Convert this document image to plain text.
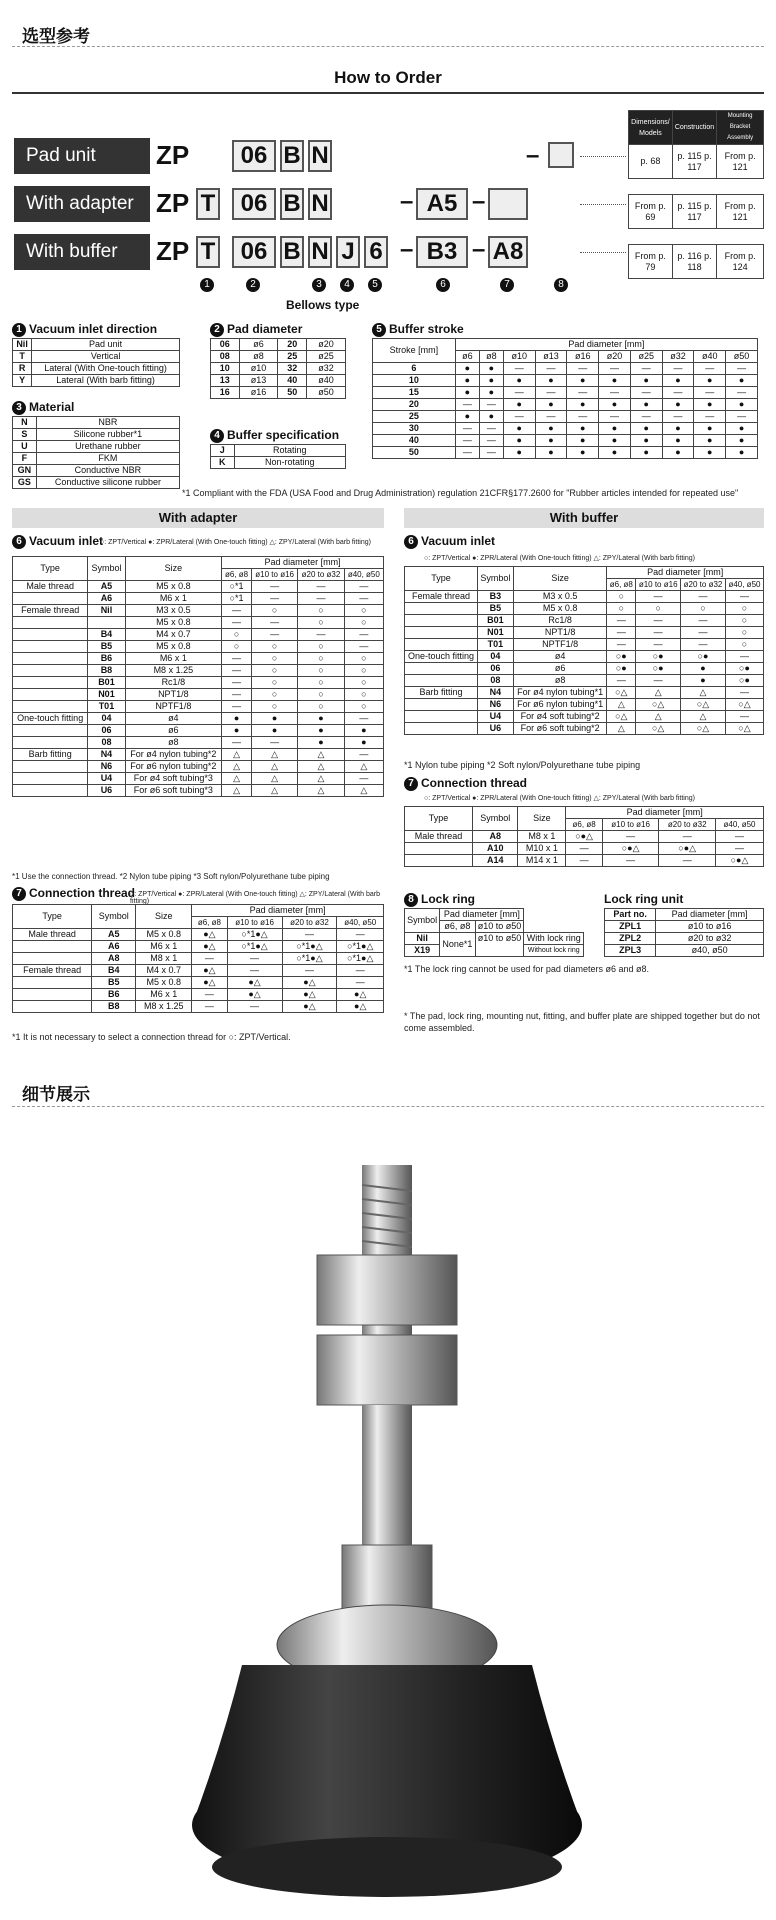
选型参考
How to Order
Dimensions/ Models	Construction	Mounting Bracket Assembly
p. 68	p. 115 p. 117	From p. 121

From p. 69	p. 115 p. 117	From p. 121

From p. 79	p. 116 p. 118	From p. 124
Pad unit	ZP	06 B N	–
With adapter ZP T	06 B N	– A5 –
With buffer	ZP T	06 B N J 6 – B3 – A8
1	2	3	4	5	6	7	8
Bellows type
1 Vacuum inlet direction
Nil	Pad unit
T	Vertical
R	Lateral (With One-touch fitting)
Y	Lateral (With barb fitting)
3 Material
N	NBR
S	Silicone rubber*1
U	Urethane rubber
F	FKM
GN	Conductive NBR
GS	Conductive silicone rubber
2 Pad diameter
06	ø6	20	ø20
08	ø8	25	ø25
10	ø10	32	ø32
13	ø13	40	ø40
16	ø16	50	ø50
4 Buffer specification
J	Rotating
K	Non-rotating
5 Buffer stroke
Stroke [mm]	Pad diameter [mm]									
	ø6	ø8	ø10	ø13	ø16	ø20	ø25	ø32	ø40	ø50
6	●	●	—	—	—	—	—	—	—	—
10	●	●	●	●	●	●	●	●	●	●
15	●	●	—	—	—	—	—	—	—	—
20	—	—	●	●	●	●	●	●	●	●
25	●	●	—	—	—	—	—	—	—	—
30	—	—	●	●	●	●	●	●	●	●
40	—	—	●	●	●	●	●	●	●	●
50	—	—	●	●	●	●	●	●	●	●
*1 Compliant with the FDA (USA Food and Drug Administration) regulation 21CFR§177.2600 for "Rubber articles intended for repeated use"
With adapter	With buffer
6 Vacuum inlet
○: ZPT/Vertical ●: ZPR/Lateral (With One-touch fitting) △: ZPY/Lateral (With barb fitting)
Type	Symbol	Size	Pad diameter [mm]			
			ø6, ø8	ø10 to ø16	ø20 to ø32	ø40, ø50
Male thread	A5	M5 x 0.8	○*1	—	—	—
	A6	M6 x 1	○*1	—	—	—
Female thread	Nil	M3 x 0.5	—	○	○	○
		M5 x 0.8	—	—	○	○
	B4	M4 x 0.7	○	—	—	—
	B5	M5 x 0.8	○	○	○	—
	B6	M6 x 1	—	○	○	○
	B8	M8 x 1.25	—	○	○	○
	B01	Rc1/8	—	○	○	○
	N01	NPT1/8	—	○	○	○
	T01	NPTF1/8	—	○	○	○
One-touch fitting	04	ø4	●	●	●	—
	06	ø6	●	●	●	●
	08	ø8	—	—	●	●
Barb fitting	N4	For ø4 nylon tubing*2	△	△	△	—
	N6	For ø6 nylon tubing*2	△	△	△	△
	U4	For ø4 soft tubing*3	△	△	△	—
	U6	For ø6 soft tubing*3	△	△	△	△
*1 Use the connection thread. *2 Nylon tube piping *3 Soft nylon/Polyurethane tube piping
7 Connection thread
○: ZPT/Vertical ●: ZPR/Lateral (With One-touch fitting) △: ZPY/Lateral (With barb fitting)
Type	Symbol	Size	Pad diameter [mm]			
			ø6, ø8	ø10 to ø16	ø20 to ø32	ø40, ø50
Male thread	A5	M5 x 0.8	●△	○*1●△	—	—
	A6	M6 x 1	●△	○*1●△	○*1●△	○*1●△
	A8	M8 x 1	—	—	○*1●△	○*1●△
Female thread	B4	M4 x 0.7	●△	—	—	—
	B5	M5 x 0.8	●△	●△	●△	—
	B6	M6 x 1	—	●△	●△	●△
	B8	M8 x 1.25	—	—	●△	●△
*1 It is not necessary to select a connection thread for ○: ZPT/Vertical.
6 Vacuum inlet
○: ZPT/Vertical ●: ZPR/Lateral (With One-touch fitting) △: ZPY/Lateral (With barb fitting)
Type	Symbol	Size	Pad diameter [mm]			
			ø6, ø8	ø10 to ø16	ø20 to ø32	ø40, ø50
Female thread	B3	M3 x 0.5	○	—	—	—
	B5	M5 x 0.8	○	○	○	○
	B01	Rc1/8	—	—	—	○
	N01	NPT1/8	—	—	—	○
	T01	NPTF1/8	—	—	—	○
One-touch fitting	04	ø4	○●	○●	○●	—
	06	ø6	○●	○●	●	○●
	08	ø8	—	—	●	○●
Barb fitting	N4	For ø4 nylon tubing*1	○△	△	△	—
	N6	For ø6 nylon tubing*1	△	○△	○△	○△
	U4	For ø4 soft tubing*2	○△	△	△	—
	U6	For ø6 soft tubing*2	△	○△	○△	○△
*1 Nylon tube piping *2 Soft nylon/Polyurethane tube piping
7 Connection thread
○: ZPT/Vertical ●: ZPR/Lateral (With One-touch fitting) △: ZPY/Lateral (With barb fitting)
Type	Symbol	Size	Pad diameter [mm]			
			ø6, ø8	ø10 to ø16	ø20 to ø32	ø40, ø50
Male thread	A8	M8 x 1	○●△	—	—	—
	A10	M10 x 1	—	○●△	○●△	—
	A14	M14 x 1	—	—	—	○●△
8 Lock ring
Symbol	Pad diameter [mm]		
	ø6, ø8	ø10 to ø50	
Nil	None*1	ø10 to ø50	With lock ring
X19			Without lock ring
*1 The lock ring cannot be used for pad diameters ø6 and ø8.
Lock ring unit
Part no.	Pad diameter [mm]
ZPL1	ø10 to ø16
ZPL2	ø20 to ø32
ZPL3	ø40, ø50
* The pad, lock ring, mounting nut, fitting, and buffer plate are shipped together but do not come assembled.
细节展示
